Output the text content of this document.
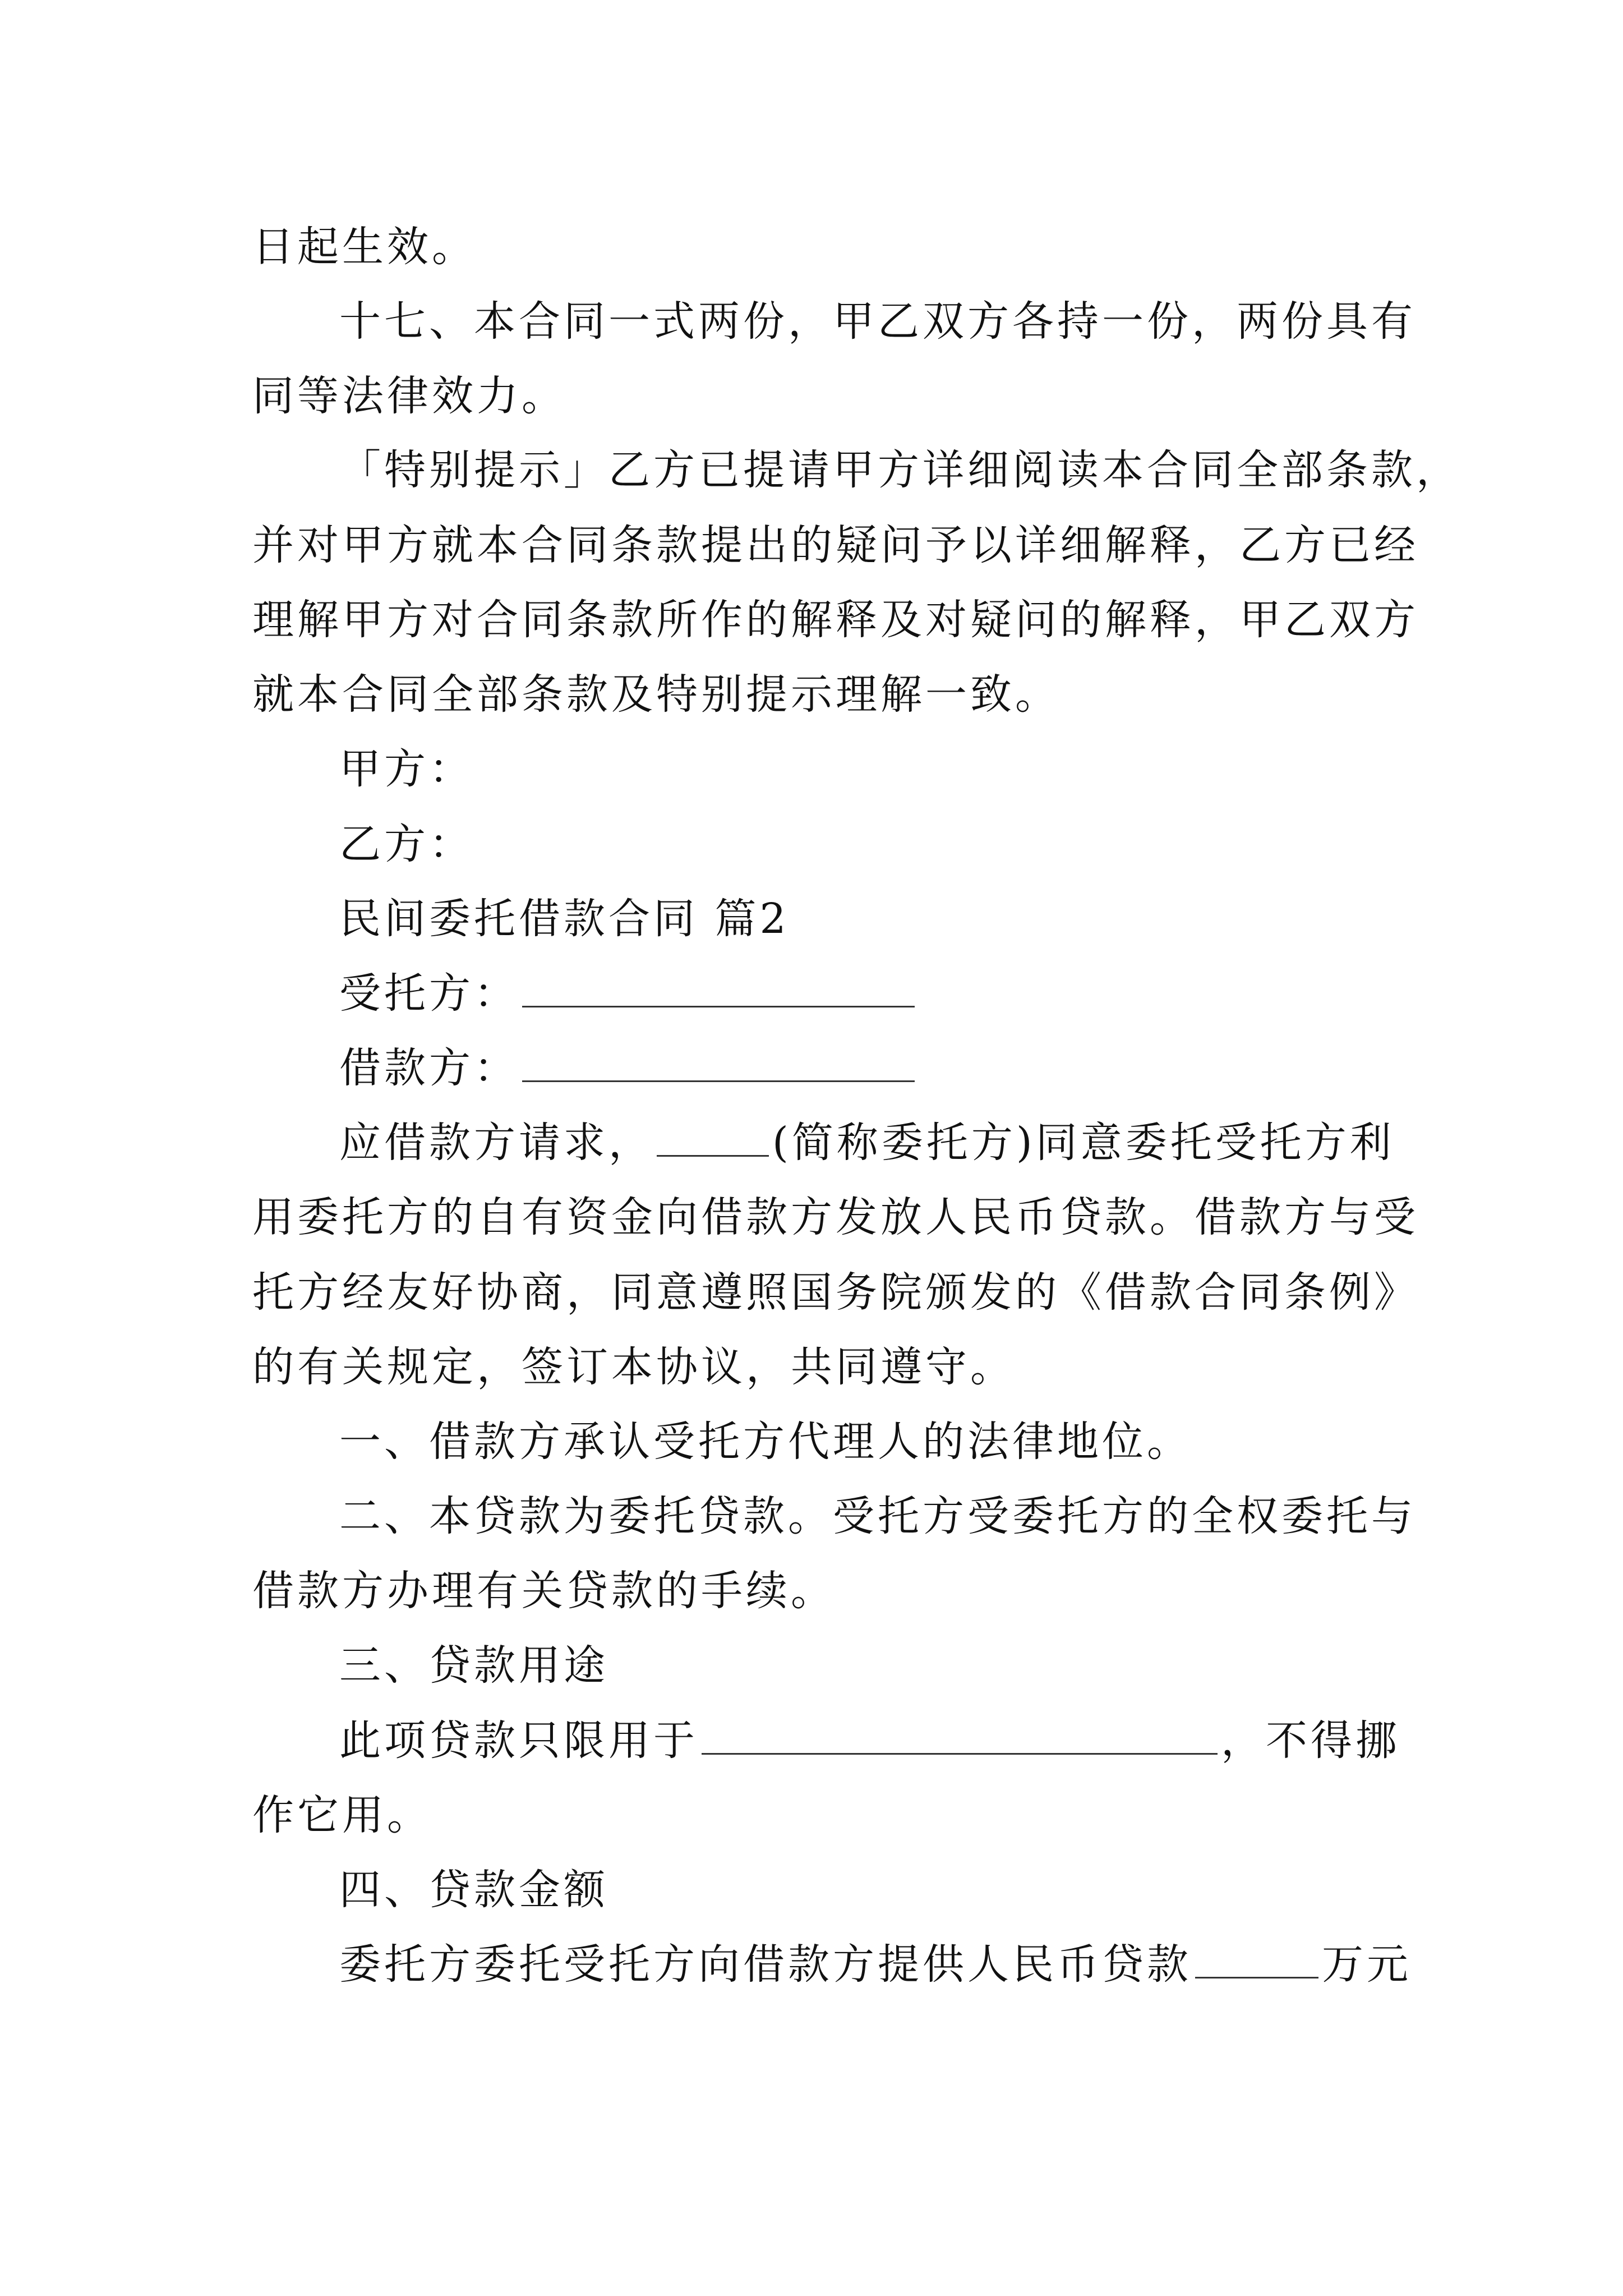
日起生效。
十七、本合同一式两份，甲乙双方各持一份，两份具有
同等法律效力。
「特别提示」乙方已提请甲方详细阅读本合同全部条款，
并对甲方就本合同条款提出的疑问予以详细解释，乙方已经
理解甲方对合同条款所作的解释及对疑问的解释，甲乙双方
就本合同全部条款及特别提示理解一致。
甲方：
乙方：
民间委托借款合同 篇2
受托方：
借款方：
应借款方请求，	(简称委托方)同意委托受托方利
用委托方的自有资金向借款方发放人民币贷款。借款方与受
托方经友好协商，同意遵照国务院颁发的《借款合同条例》
的有关规定，签订本协议，共同遵守。
一、借款方承认受托方代理人的法律地位。
二、本贷款为委托贷款。受托方受委托方的全权委托与
借款方办理有关贷款的手续。
三、贷款用途
此项贷款只限用于	，不得挪
作它用。
四、贷款金额
委托方委托受托方向借款方提供人民币贷款	万元
